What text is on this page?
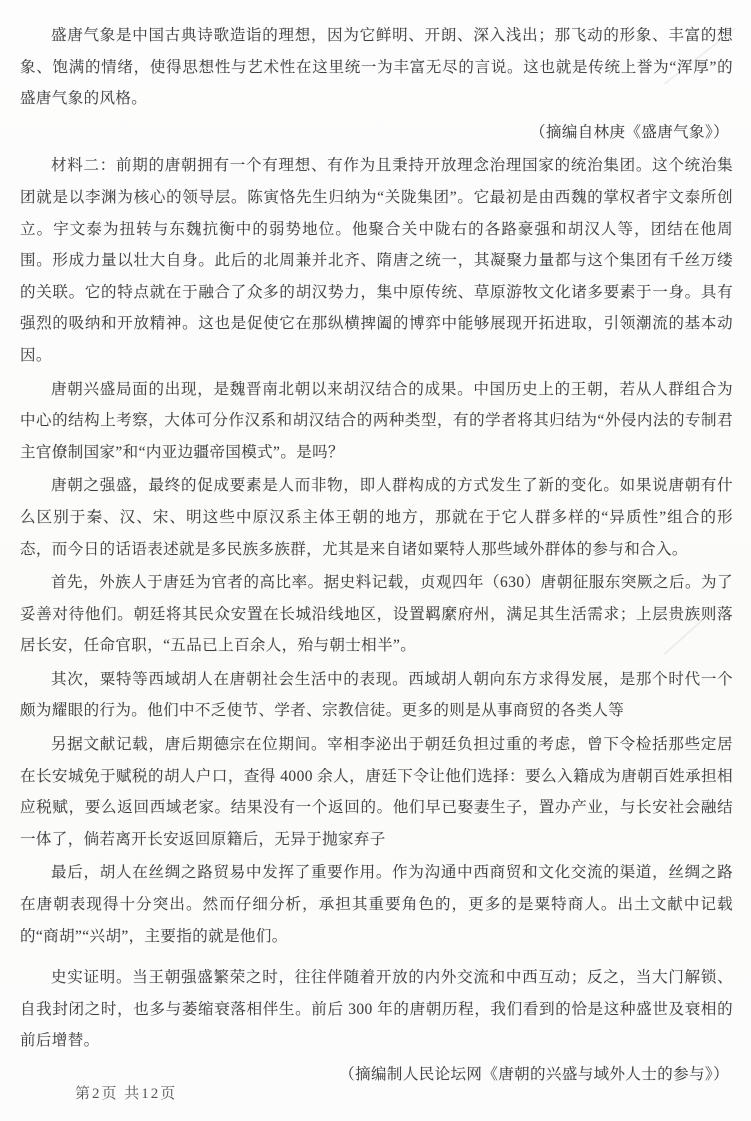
盛唐气象是中国古典诗歌造诣的理想，因为它鲜明、开朗、深入浅出；那飞动的形象、丰富的想象、饱满的情绪，使得思想性与艺术性在这里统一为丰富无尽的言说。这也就是传统上誉为“浑厚”的盛唐气象的风格。

（摘编自林庚《盛唐气象》）

材料二：前期的唐朝拥有一个有理想、有作为且秉持开放理念治理国家的统治集团。这个统治集团就是以李渊为核心的领导层。陈寅恪先生归纳为“关陇集团”。它最初是由西魏的掌权者宇文泰所创立。宇文泰为扭转与东魏抗衡中的弱势地位。他聚合关中陇右的各路豪强和胡汉人等，团结在他周围。形成力量以壮大自身。此后的北周兼并北齐、隋唐之统一，其凝聚力量都与这个集团有千丝万缕的关联。它的特点就在于融合了众多的胡汉势力，集中原传统、草原游牧文化诸多要素于一身。具有强烈的吸纳和开放精神。这也是促使它在那纵横捭阖的博弈中能够展现开拓进取，引领潮流的基本动因。

唐朝兴盛局面的出现，是魏晋南北朝以来胡汉结合的成果。中国历史上的王朝，若从人群组合为中心的结构上考察，大体可分作汉系和胡汉结合的两种类型，有的学者将其归结为“外侵内法的专制君主官僚制国家”和“内亚边疆帝国模式”。是吗？

唐朝之强盛，最终的促成要素是人而非物，即人群构成的方式发生了新的变化。如果说唐朝有什么区别于秦、汉、宋、明这些中原汉系主体王朝的地方，那就在于它人群多样的“异质性”组合的形态，而今日的话语表述就是多民族多族群，尤其是来自诸如粟特人那些域外群体的参与和合入。

首先，外族人于唐廷为官者的高比率。据史料记载，贞观四年（630）唐朝征服东突厥之后。为了妥善对待他们。朝廷将其民众安置在长城沿线地区，设置羁縻府州，满足其生活需求；上层贵族则落居长安，任命官职，“五品已上百余人，殆与朝士相半”。

其次，粟特等西域胡人在唐朝社会生活中的表现。西域胡人朝向东方求得发展，是那个时代一个颇为耀眼的行为。他们中不乏使节、学者、宗教信徒。更多的则是从事商贸的各类人等

另据文献记载，唐后期德宗在位期间。宰相李泌出于朝廷负担过重的考虑，曾下令检括那些定居在长安城免于赋税的胡人户口，查得 4000 余人，唐廷下令让他们选择：要么入籍成为唐朝百姓承担相应税赋，要么返回西域老家。结果没有一个返回的。他们早已娶妻生子，置办产业，与长安社会融结一体了，倘若离开长安返回原籍后，无异于抛家弃子

最后，胡人在丝绸之路贸易中发挥了重要作用。作为沟通中西商贸和文化交流的渠道，丝绸之路在唐朝表现得十分突出。然而仔细分析，承担其重要角色的，更多的是粟特商人。出土文献中记载的“商胡”“兴胡”，主要指的就是他们。

史实证明。当王朝强盛繁荣之时，往往伴随着开放的内外交流和中西互动；反之，当大门解锁、自我封闭之时，也多与萎缩衰落相伴生。前后 300 年的唐朝历程，我们看到的恰是这种盛世及衰相的前后增替。

（摘编制人民论坛网《唐朝的兴盛与域外人士的参与》）

第2页 共12页
